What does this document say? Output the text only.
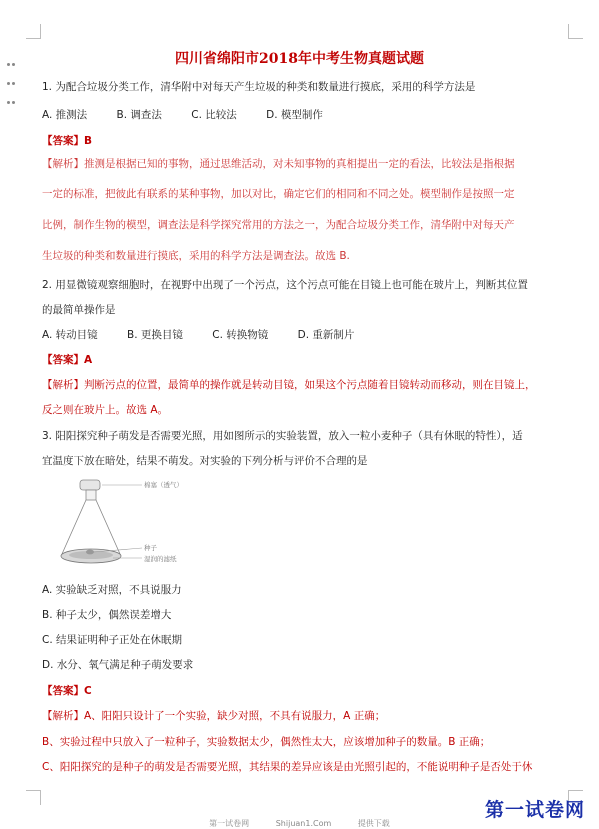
四川省绵阳市2018年中考生物真题试题
1. 为配合垃圾分类工作，清华附中对每天产生垃圾的种类和数量进行摸底，采用的科学方法是
A. 推测法	B. 调查法	C. 比较法	D. 模型制作
【答案】B
【解析】推测是根据已知的事物，通过思维活动，对未知事物的真相提出一定的看法，比较法是指根据
一定的标准，把彼此有联系的某种事物，加以对比，确定它们的相同和不同之处。模型制作是按照一定
比例，制作生物的模型，调查法是科学探究常用的方法之一，为配合垃圾分类工作，清华附中对每天产
生垃圾的种类和数量进行摸底，采用的科学方法是调查法。故选 B.
2. 用显微镜观察细胞时，在视野中出现了一个污点，这个污点可能在目镜上也可能在玻片上，判断其位置
的最简单操作是
A. 转动目镜	B. 更换目镜	C. 转换物镜	D. 重新制片
【答案】A
【解析】判断污点的位置，最简单的操作就是转动目镜，如果这个污点随着目镜转动而移动，则在目镜上，
反之则在玻片上。故选 A。
3. 阳阳探究种子萌发是否需要光照，用如图所示的实验装置，放入一粒小麦种子（具有休眠的特性），适
宜温度下放在暗处，结果不萌发。对实验的下列分析与评价不合理的是
棉塞（透气）
种子
湿润的滤纸
A. 实验缺乏对照，不具说服力
B. 种子太少，偶然误差增大
C. 结果证明种子正处在休眠期
D. 水分、氧气满足种子萌发要求
【答案】C
【解析】A、阳阳只设计了一个实验，缺少对照，不具有说服力，A 正确；
B、实验过程中只放入了一粒种子，实验数据太少，偶然性太大，应该增加种子的数量。B 正确；
C、阳阳探究的是种子的萌发是否需要光照，其结果的差异应该是由光照引起的，不能说明种子是否处于休
第一试卷网
第一试卷网	Shijuan1.Com	提供下载
